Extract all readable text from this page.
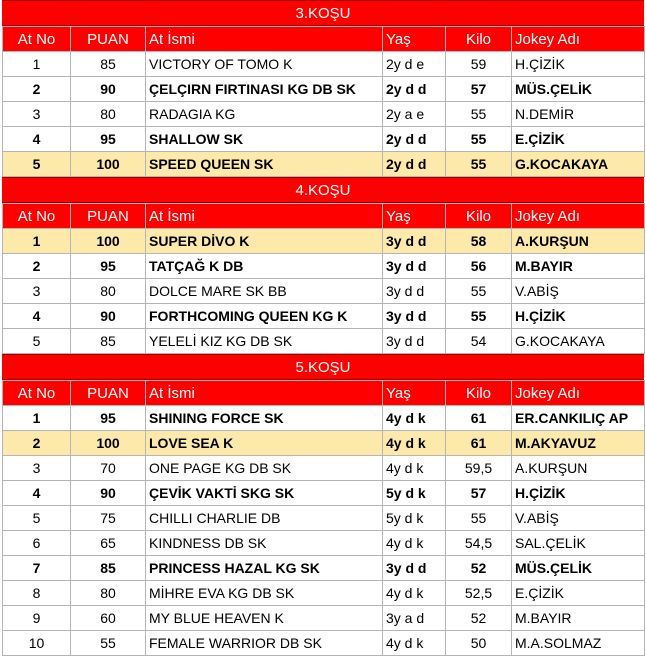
3.KOŞU
At No	PUAN	At İsmi	Yaş	Kilo	Jokey Adı
1	85	VICTORY OF TOMO K	2y d e	59	H.ÇİZİK
2	90	ÇELÇIRN FIRTINASI KG DB SK	2y d d	57	MÜS.ÇELİK
3	80	RADAGIA KG	2y a e	55	N.DEMİR
4	95	SHALLOW SK	2y d d	55	E.ÇİZİK
5	100	SPEED QUEEN SK	2y d d	55	G.KOCAKAYA
4.KOŞU
At No	PUAN	At İsmi	Yaş	Kilo	Jokey Adı
1	100	SUPER DİVO K	3y d d	58	A.KURŞUN
2	95	TATÇAĞ K DB	3y d d	56	M.BAYIR
3	80	DOLCE MARE SK BB	3y d d	55	V.ABİŞ
4	90	FORTHCOMING QUEEN KG K	3y d d	55	H.ÇİZİK
5	85	YELELİ KIZ KG DB SK	3y d d	54	G.KOCAKAYA
5.KOŞU
At No	PUAN	At İsmi	Yaş	Kilo	Jokey Adı
1	95	SHINING FORCE SK	4y d k	61	ER.CANKILIÇ AP
2	100	LOVE SEA K	4y d k	61	M.AKYAVUZ
3	70	ONE PAGE KG DB SK	4y d k	59,5	A.KURŞUN
4	90	ÇEVİK VAKTİ SKG SK	5y d k	57	H.ÇİZİK
5	75	CHILLI CHARLIE DB	5y d k	55	V.ABİŞ
6	65	KINDNESS DB SK	4y d k	54,5	SAL.ÇELİK
7	85	PRINCESS HAZAL KG SK	3y d d	52	MÜS.ÇELİK
8	80	MİHRE EVA KG DB SK	4y d k	52,5	E.ÇİZİK
9	60	MY BLUE HEAVEN K	3y a d	52	M.BAYIR
10	55	FEMALE WARRIOR DB SK	4y d k	50	M.A.SOLMAZ
